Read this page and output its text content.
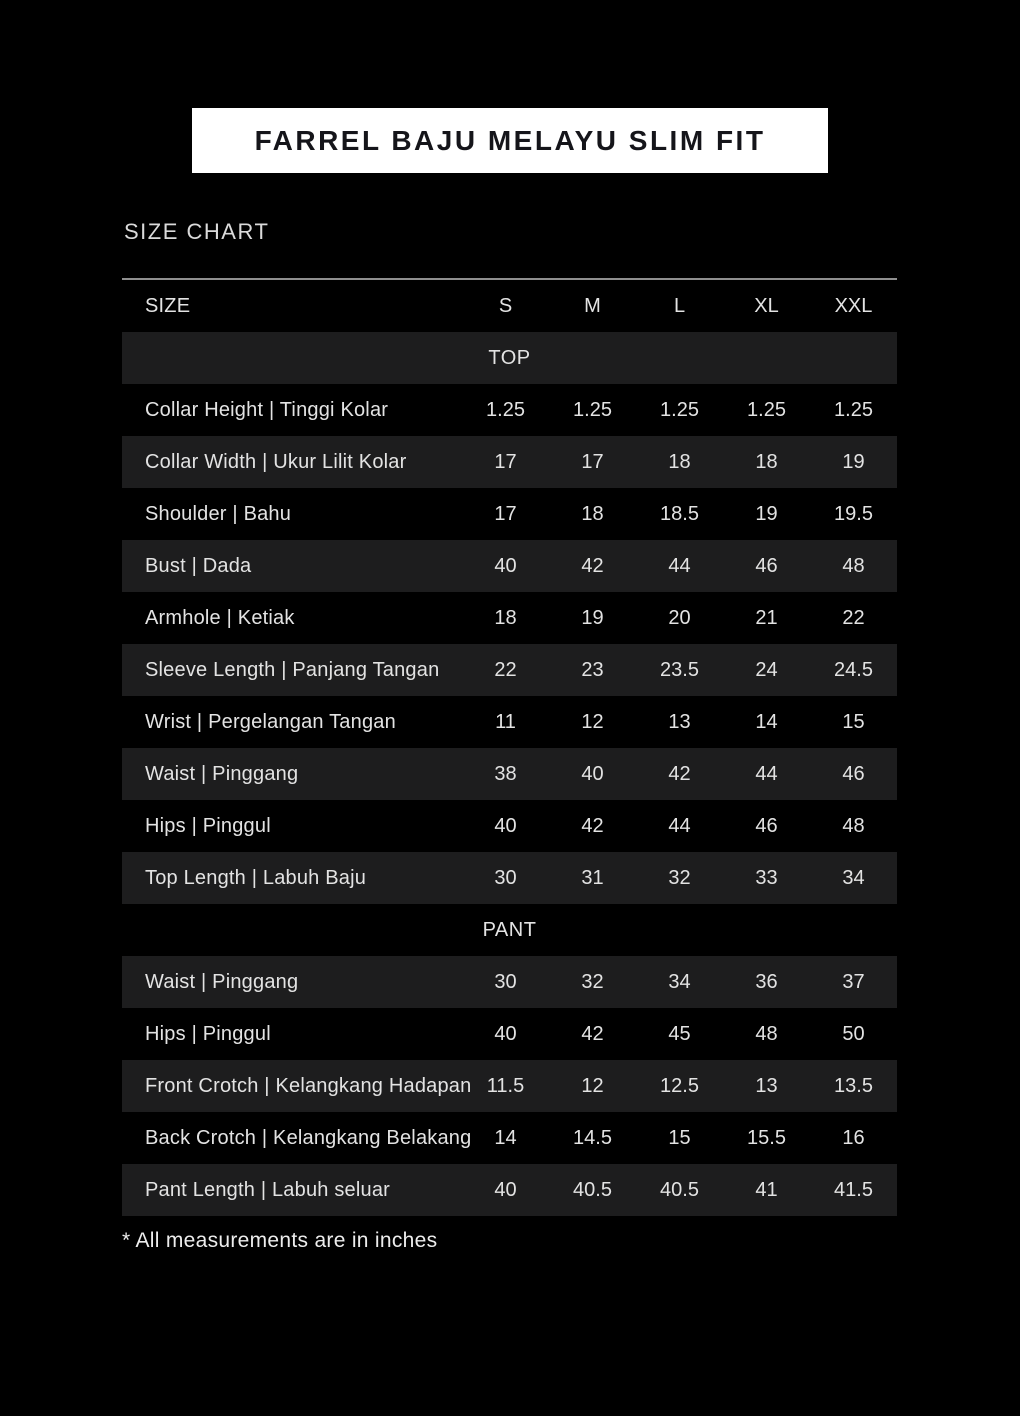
FARREL BAJU MELAYU SLIM FIT
SIZE CHART
SIZE	S	M	L	XL	XXL
TOP
Collar Height | Tinggi Kolar	1.25	1.25	1.25	1.25	1.25
Collar Width | Ukur Lilit Kolar	17	17	18	18	19
Shoulder | Bahu	17	18	18.5	19	19.5
Bust | Dada	40	42	44	46	48
Armhole | Ketiak	18	19	20	21	22
Sleeve Length | Panjang Tangan	22	23	23.5	24	24.5
Wrist | Pergelangan Tangan	11	12	13	14	15
Waist | Pinggang	38	40	42	44	46
Hips | Pinggul	40	42	44	46	48
Top Length | Labuh Baju	30	31	32	33	34
PANT
Waist | Pinggang	30	32	34	36	37
Hips | Pinggul	40	42	45	48	50
Front Crotch | Kelangkang Hadapan 11.5	12	12.5	13	13.5
Back Crotch | Kelangkang Belakang	14	14.5	15	15.5	16
Pant Length | Labuh seluar	40	40.5	40.5	41	41.5
* All measurements are in inches
